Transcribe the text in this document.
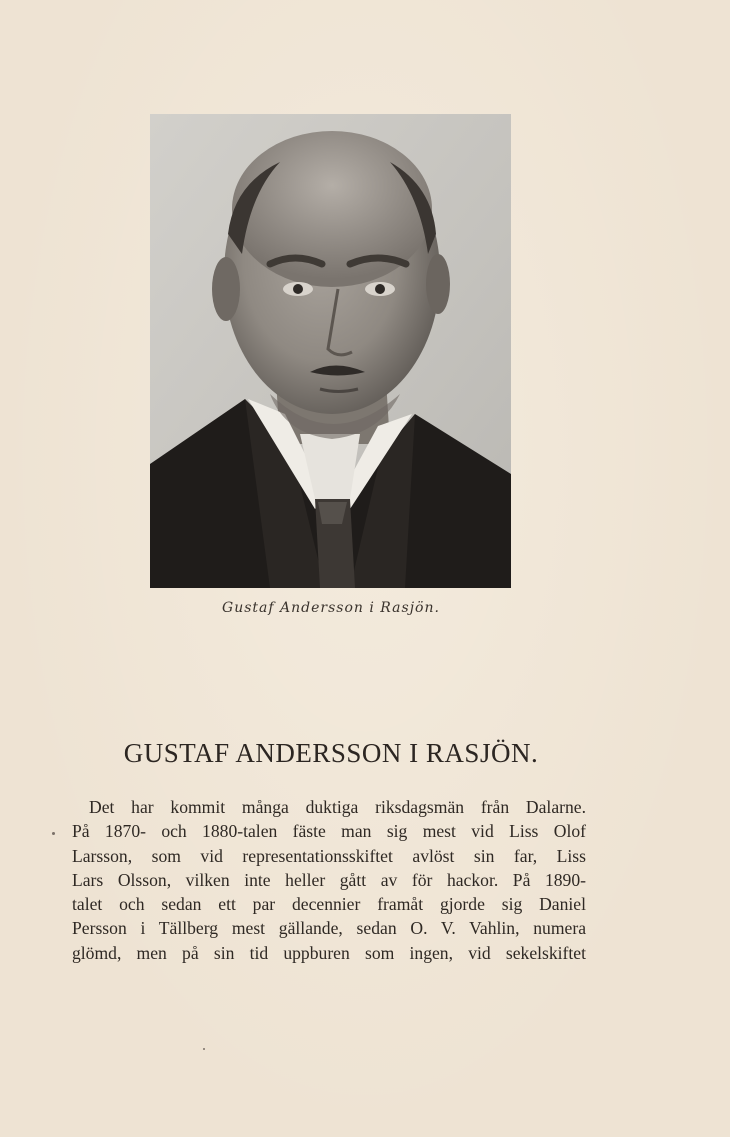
Gustaf Andersson i Rasjön.
GUSTAF ANDERSSON I RASJÖN.
Det har kommit många duktiga riksdagsmän från Dalarne.
På 1870- och 1880-talen fäste man sig mest vid Liss Olof
Larsson, som vid representationsskiftet avlöst sin far, Liss
Lars Olsson, vilken inte heller gått av för hackor. På 1890-
talet och sedan ett par decennier framåt gjorde sig Daniel
Persson i Tällberg mest gällande, sedan O. V. Vahlin, numera
glömd, men på sin tid uppburen som ingen, vid sekelskiftet
